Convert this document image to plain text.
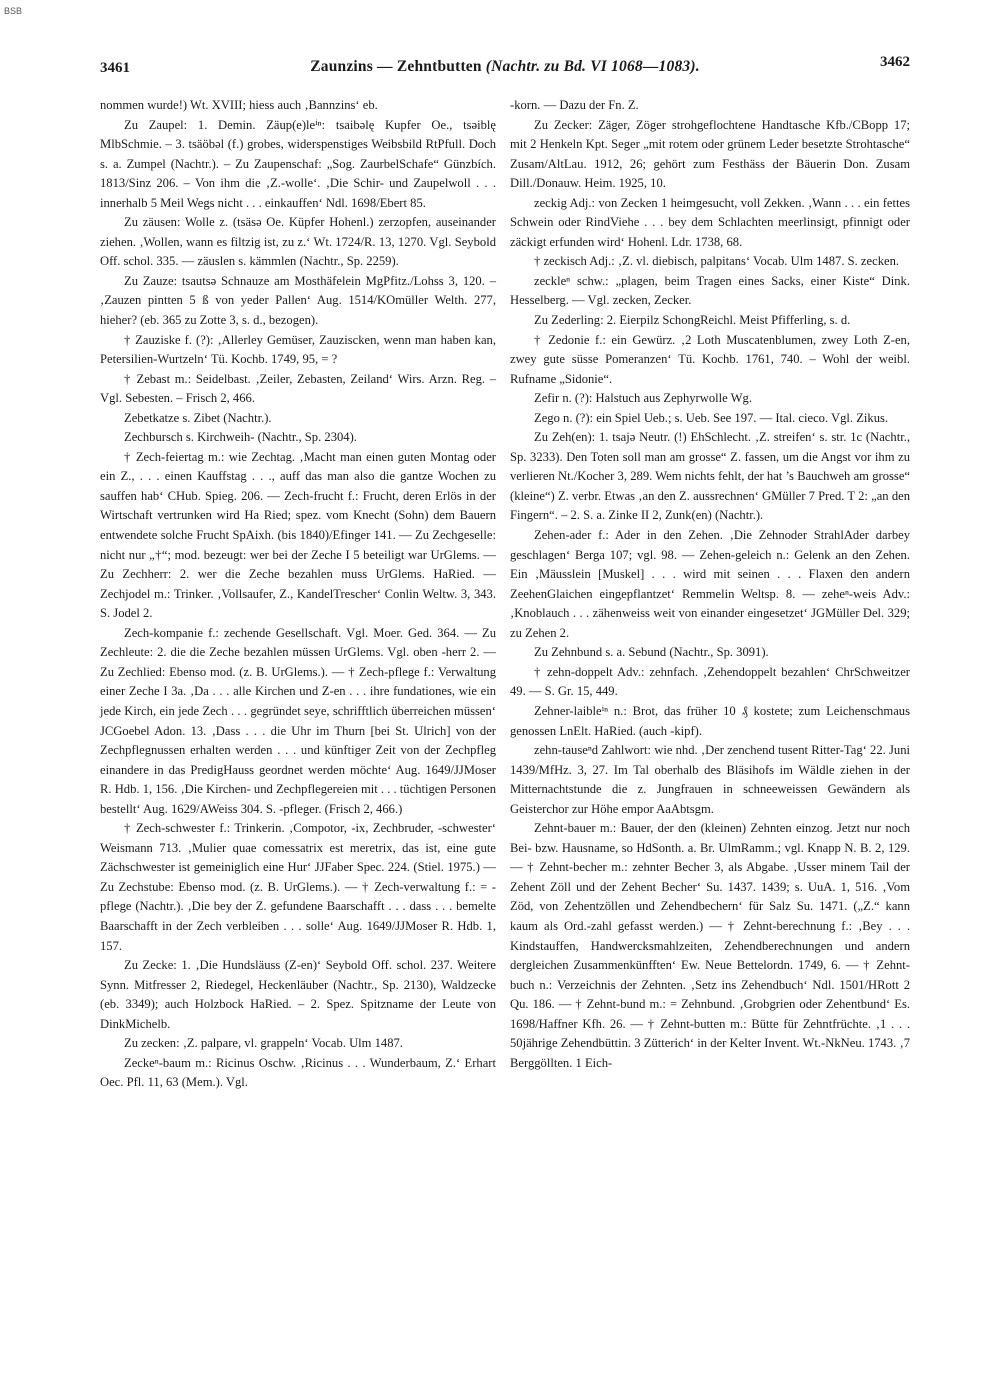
BSB
3461	Zaunzins — Zehntbutten (Nachtr. zu Bd. VI 1068—1083).	3462

nommen wurde!) Wt. XVIII; hiess auch ‚Bannzins‘ eb.

Zu Zaupel: 1. Demin. Zäup(e)leⁱⁿ: tsaibəlę Kupfer Oe., tsəiblę MlbSchmie. – 3. tsäöbəl (f.) grobes, widerspenstiges Weibsbild RtPfull. Doch s. a. Zumpel (Nachtr.). – Zu Zaupenschaf: „Sog. ZaurbelSchafe“ Günzbích. 1813/Sinz 206. – Von ihm die ‚Z.-wolle‘. ‚Die Schir- und Zaupelwoll . . . innerhalb 5 Meil Wegs nicht . . . einkauffen‘ Ndl. 1698/Ebert 85.

Zu zäusen: Wolle z. (tsäsə Oe. Küpfer Hohenl.) zerzopfen, auseinander ziehen. ‚Wollen, wann es filtzig ist, zu z.‘ Wt. 1724/R. 13, 1270. Vgl. Seybold Off. schol. 335. — zäuslen s. kämmlen (Nachtr., Sp. 2259).

Zu Zauze: tsautsə Schnauze am Mosthäfelein MgPfitz./Lohss 3, 120. – ‚Zauzen pintten 5 ß von yeder Pallen‘ Aug. 1514/KOmüller Welth. 277, hieher? (eb. 365 zu Zotte 3, s. d., bezogen).

† Zauziske f. (?): ‚Allerley Gemüser, Zauziscken, wenn man haben kan, Petersilien-Wurtzeln‘ Tü. Kochb. 1749, 95, = ?

† Zebast m.: Seidelbast. ‚Zeiler, Zebasten, Zeiland‘ Wirs. Arzn. Reg. – Vgl. Sebesten. – Frisch 2, 466.

Zebetkatze s. Zibet (Nachtr.).

Zechbursch s. Kirchweih- (Nachtr., Sp. 2304).

† Zech-feiertag m.: wie Zechtag. ‚Macht man einen guten Montag oder ein Z., . . . einen Kauffstag . . ., auff das man also die gantze Wochen zu sauffen hab‘ CHub. Spieg. 206. — Zech-frucht f.: Frucht, deren Erlös in der Wirtschaft vertrunken wird Ha Ried; spez. vom Knecht (Sohn) dem Bauern entwendete solche Frucht SpAixh. (bis 1840)/Efinger 141. — Zu Zechgeselle: nicht nur „†“; mod. bezeugt: wer bei der Zeche I 5 beteiligt war UrGlems. — Zu Zechherr: 2. wer die Zeche bezahlen muss UrGlems. HaRied. — Zechjodel m.: Trinker. ‚Vollsaufer, Z., KandelTrescher‘ Conlin Weltw. 3, 343. S. Jodel 2.

Zech-kompanie f.: zechende Gesellschaft. Vgl. Moer. Ged. 364. — Zu Zechleute: 2. die die Zeche bezahlen müssen UrGlems. Vgl. oben -herr 2. — Zu Zechlied: Ebenso mod. (z. B. UrGlems.). — † Zech-pflege f.: Verwaltung einer Zeche I 3a. ‚Da . . . alle Kirchen und Z-en . . . ihre fundationes, wie ein jede Kirch, ein jede Zech . . . gegründet seye, schrifftlich überreichen müssen‘ JCGoebel Adon. 13. ‚Dass . . . die Uhr im Thurn [bei St. Ulrich] von der Zechpflegnussen erhalten werden . . . und künftiger Zeit von der Zechpfleg einandere in das PredigHauss geordnet werden möchte‘ Aug. 1649/JJMoser R. Hdb. 1, 156. ‚Die Kirchen- und Zechpflegereien mit . . . tüchtigen Personen bestellt‘ Aug. 1629/AWeiss 304. S. -pfleger. (Frisch 2, 466.)

† Zech-schwester f.: Trinkerin. ‚Compotor, -ix, Zechbruder, -schwester‘ Weismann 713. ‚Mulier quae comessatrix est meretrix, das ist, eine gute Zächschwester ist gemeiniglich eine Hur‘ JJFaber Spec. 224. (Stiel. 1975.) — Zu Zechstube: Ebenso mod. (z. B. UrGlems.). — † Zech-verwaltung f.: = -pflege (Nachtr.). ‚Die bey der Z. gefundene Baarschafft . . . dass . . . bemelte Baarschafft in der Zech verbleiben . . . solle‘ Aug. 1649/JJMoser R. Hdb. 1, 157.

Zu Zecke: 1. ‚Die Hundsläuss (Z-en)‘ Seybold Off. schol. 237. Weitere Synn. Mitfresser 2, Riedegel, Heckenläuber (Nachtr., Sp. 2130), Waldzecke (eb. 3349); auch Holzbock HaRied. – 2. Spez. Spitzname der Leute von DinkMichelb.

Zu zecken: ‚Z. palpare, vl. grappeln‘ Vocab. Ulm 1487.

Zeckeⁿ-baum m.: Ricinus Oschw. ‚Ricinus . . . Wunderbaum, Z.‘ Erhart Oec. Pfl. 11, 63 (Mem.). Vgl.

-korn. — Dazu der Fn. Z.

Zu Zecker: Zäger, Zöger strohgeflochtene Handtasche Kfb./CBopp 17; mit 2 Henkeln Kpt. Seger „mit rotem oder grünem Leder besetzte Strohtasche“ Zusam/AltLau. 1912, 26; gehört zum Festhäss der Bäuerin Don. Zusam Dill./Donauw. Heim. 1925, 10.

zeckig Adj.: von Zecken 1 heimgesucht, voll Zekken. ‚Wann . . . ein fettes Schwein oder RindViehe . . . bey dem Schlachten meerlinsigt, pfinnigt oder zäckigt erfunden wird‘ Hohenl. Ldr. 1738, 68.

† zeckisch Adj.: ‚Z. vl. diebisch, palpitans‘ Vocab. Ulm 1487. S. zecken.

zeckleⁿ schw.: „plagen, beim Tragen eines Sacks, einer Kiste“ Dink. Hesselberg. — Vgl. zecken, Zecker.

Zu Zederling: 2. Eierpilz SchongReichl. Meist Pfifferling, s. d.

† Zedonie f.: ein Gewürz. ‚2 Loth Muscatenblumen, zwey Loth Z-en, zwey gute süsse Pomeranzen‘ Tü. Kochb. 1761, 740. – Wohl der weibl. Rufname „Sidonie“.

Zefir n. (?): Halstuch aus Zephyrwolle Wg.

Zego n. (?): ein Spiel Ueb.; s. Ueb. See 197. — Ital. cieco. Vgl. Zikus.

Zu Zeh(en): 1. tsajə Neutr. (!) EhSchlecht. ‚Z. streifen‘ s. str. 1c (Nachtr., Sp. 3233). Den Toten soll man am grosse“ Z. fassen, um die Angst vor ihm zu verlieren Nt./Kocher 3, 289. Wem nichts fehlt, der hat ’s Bauchweh am grosse“ (kleine“) Z. verbr. Etwas ‚an den Z. aussrechnen‘ GMüller 7 Pred. T 2: „an den Fingern“. – 2. S. a. Zinke II 2, Zunk(en) (Nachtr.).

Zehen-ader f.: Ader in den Zehen. ‚Die Zehnoder StrahlAder darbey geschlagen‘ Berga 107; vgl. 98. — Zehen-geleich n.: Gelenk an den Zehen. Ein ‚Mäusslein [Muskel] . . . wird mit seinen . . . Flaxen den andern ZeehenGlaichen eingepflantzet‘ Remmelin Weltsp. 8. — zeheⁿ-weis Adv.: ‚Knoblauch . . . zähenweiss weit von einander eingesetzet‘ JGMüller Del. 329; zu Zehen 2.

Zu Zehnbund s. a. Sebund (Nachtr., Sp. 3091).

† zehn-doppelt Adv.: zehnfach. ‚Zehendoppelt bezahlen‘ ChrSchweitzer 49. — S. Gr. 15, 449.

Zehner-laibleⁱⁿ n.: Brot, das früher 10 ₰ kostete; zum Leichenschmaus genossen LnElt. HaRied. (auch -kipf).

zehn-tauseⁿd Zahlwort: wie nhd. ‚Der zenchend tusent Ritter-Tag‘ 22. Juni 1439/MfHz. 3, 27. Im Tal oberhalb des Bläsihofs im Wäldle ziehen in der Mitternachtstunde die z. Jungfrauen in schneeweissen Gewändern als Geisterchor zur Höhe empor AaAbtsgm.

Zehnt-bauer m.: Bauer, der den (kleinen) Zehnten einzog. Jetzt nur noch Bei- bzw. Hausname, so HdSonth. a. Br. UlmRamm.; vgl. Knapp N. B. 2, 129. — † Zehnt-becher m.: zehnter Becher 3, als Abgabe. ‚Usser minem Tail der Zehent Zöll und der Zehent Becher‘ Su. 1437. 1439; s. UuA. 1, 516. ‚Vom Zöd, von Zehentzöllen und Zehendbechern‘ für Salz Su. 1471. („Z.“ kann kaum als Ord.-zahl gefasst werden.) — † Zehnt-berechnung f.: ‚Bey . . . Kindstauffen, Handwercksmahlzeiten, Zehendberechnungen und andern dergleichen Zusammenkünfften‘ Ew. Neue Bettelordn. 1749, 6. — † Zehnt-buch n.: Verzeichnis der Zehnten. ‚Setz ins Zehendbuch‘ Ndl. 1501/HRott 2 Qu. 186. — † Zehnt-bund m.: = Zehnbund. ‚Grobgrien oder Zehentbund‘ Es. 1698/Haffner Kfh. 26. — † Zehnt-butten m.: Bütte für Zehntfrüchte. ‚1 . . . 50jährige Zehendbüttin. 3 Zütterich‘ in der Kelter Invent. Wt.-NkNeu. 1743. ‚7 Berggöllten. 1 Eich-
